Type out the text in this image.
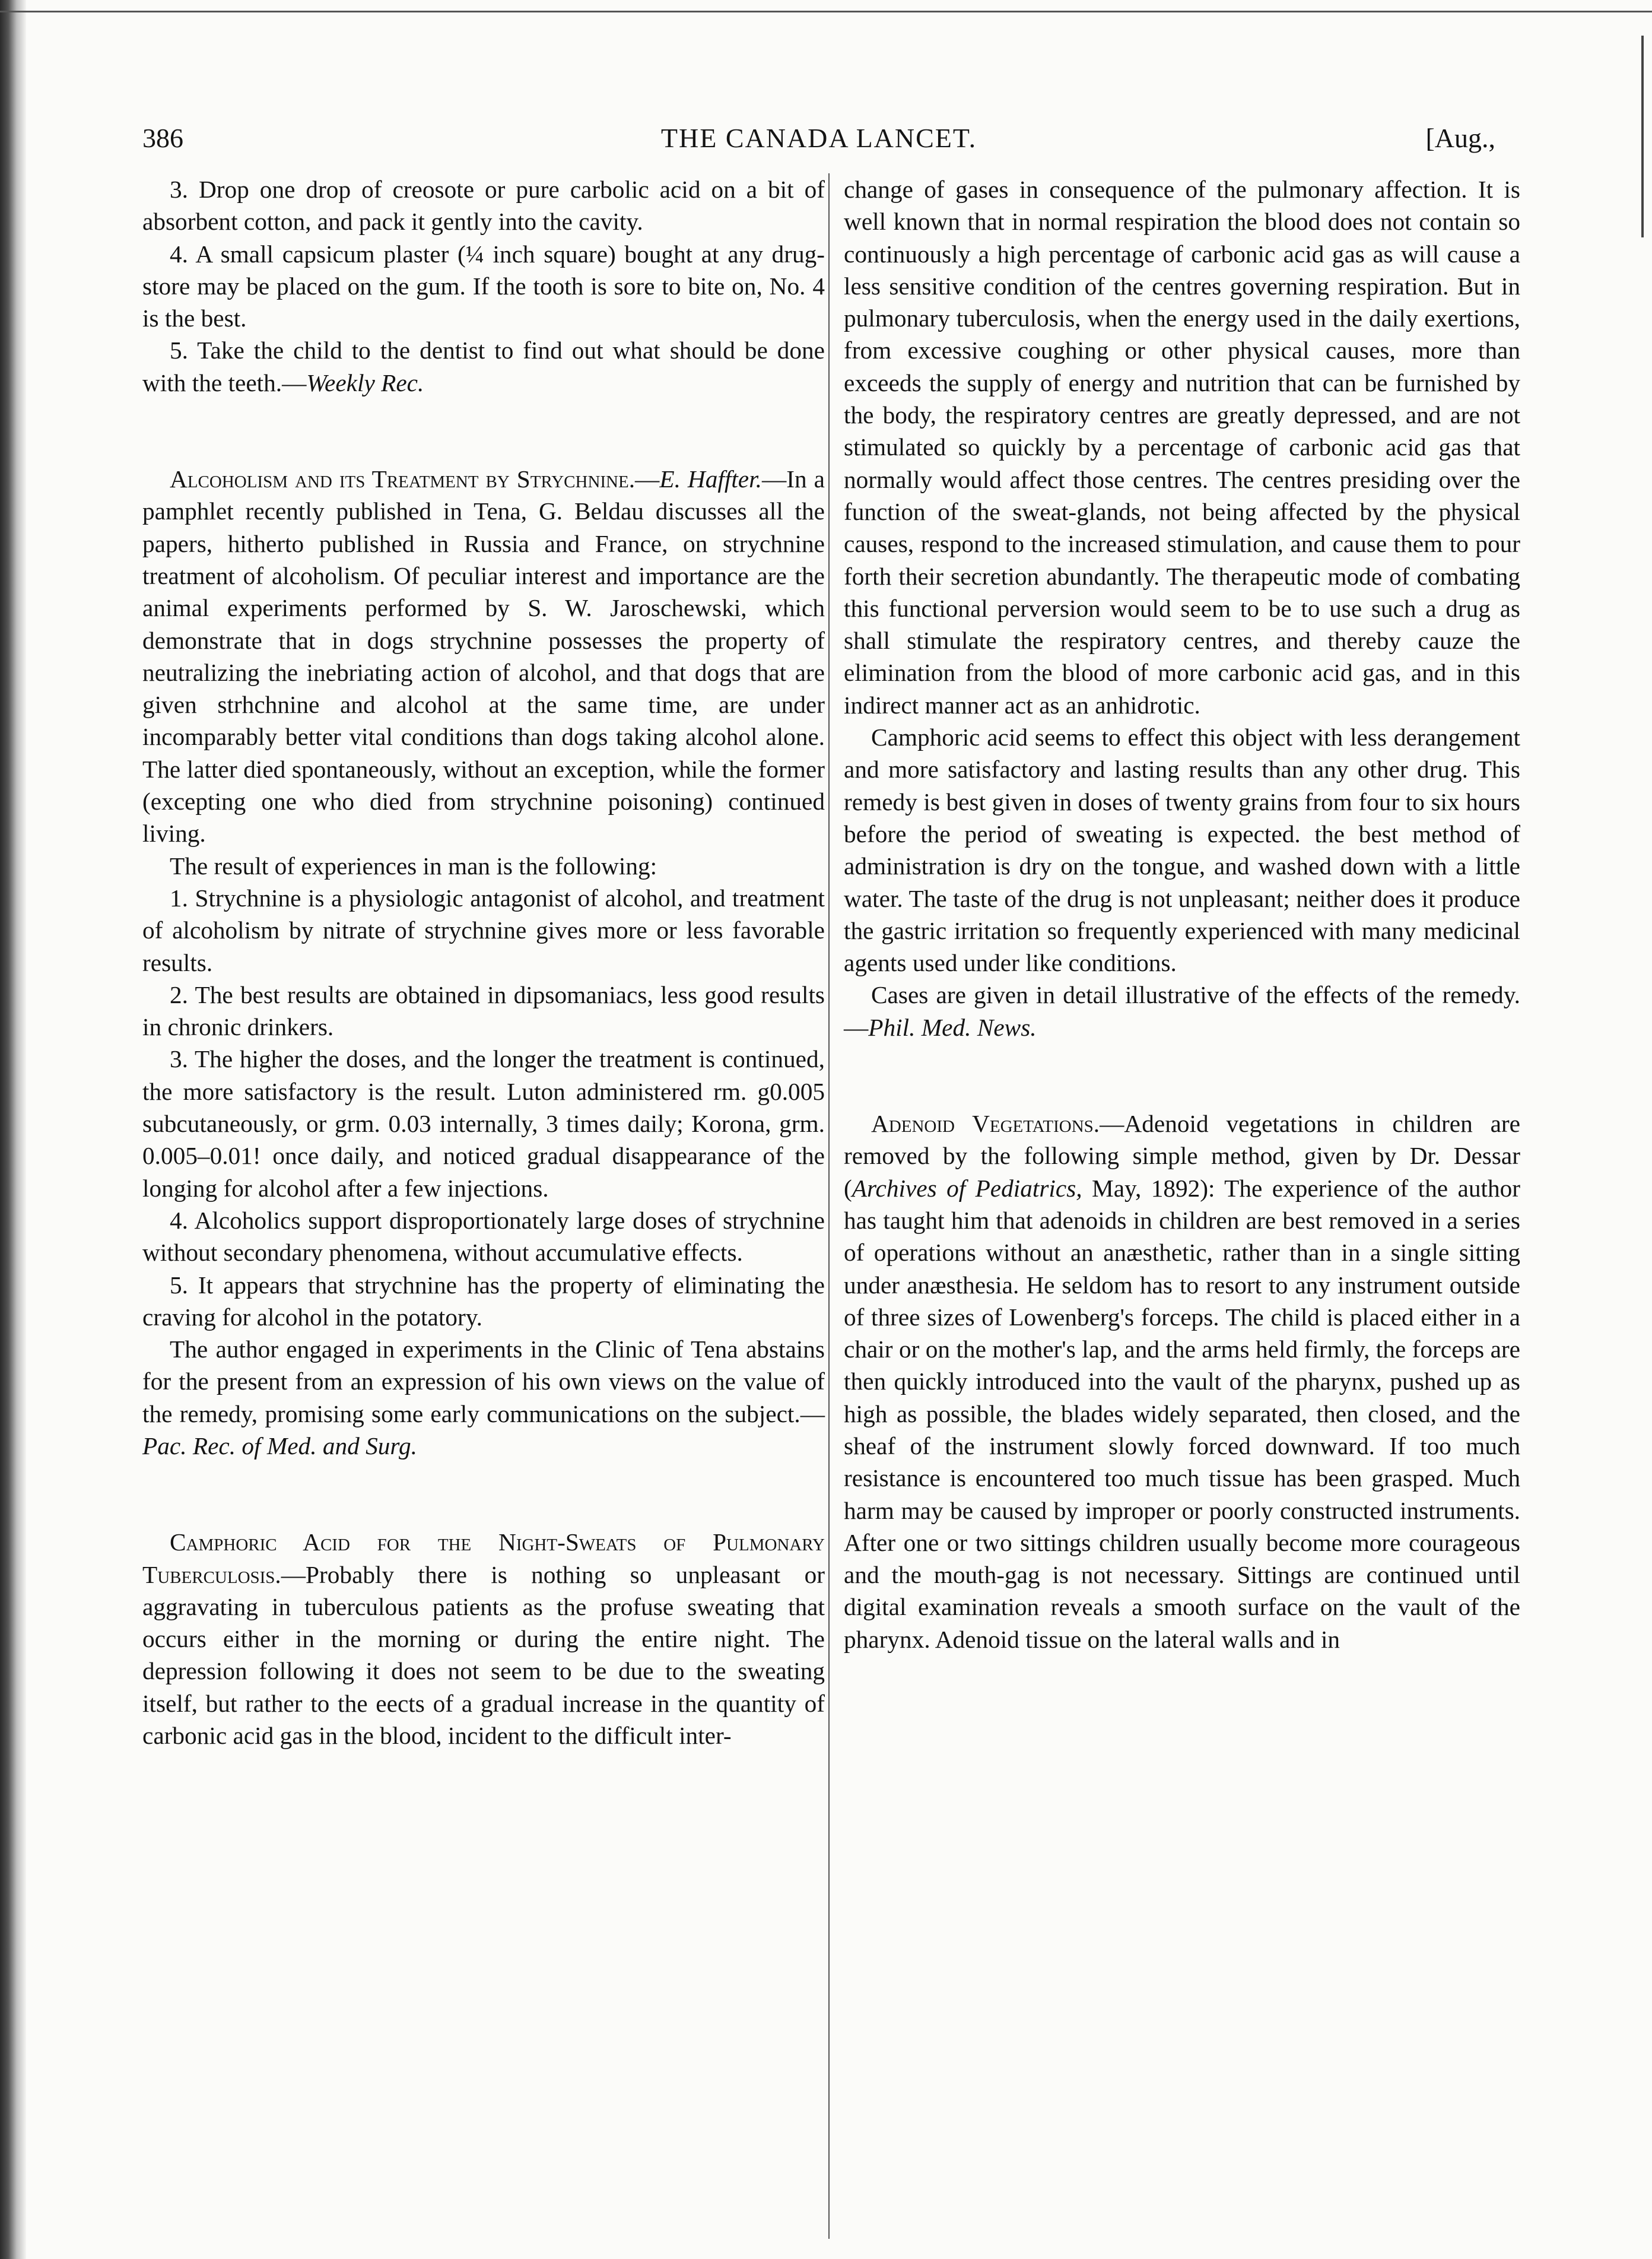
386	THE CANADA LANCET.	[Aug.,

3. Drop one drop of creosote or pure carbolic acid on a bit of absorbent cotton, and pack it gently into the cavity.

4. A small capsicum plaster (¼ inch square) bought at any drug-store may be placed on the gum. If the tooth is sore to bite on, No. 4 is the best.

5. Take the child to the dentist to find out what should be done with the teeth.—Weekly Rec.

Alcoholism and its Treatment by Strychnine.—E. Haffter.—In a pamphlet recently published in Tena, G. Beldau discusses all the papers, hitherto published in Russia and France, on strychnine treatment of alcoholism. Of peculiar interest and importance are the animal experiments performed by S. W. Jaroschewski, which demonstrate that in dogs strychnine possesses the property of neutralizing the inebriating action of alcohol, and that dogs that are given strhchnine and alcohol at the same time, are under incomparably better vital conditions than dogs taking alcohol alone. The latter died spontaneously, without an exception, while the former (excepting one who died from strychnine poisoning) continued living.

The result of experiences in man is the following:

1. Strychnine is a physiologic antagonist of alcohol, and treatment of alcoholism by nitrate of strychnine gives more or less favorable results.

2. The best results are obtained in dipsomaniacs, less good results in chronic drinkers.

3. The higher the doses, and the longer the treatment is continued, the more satisfactory is the result. Luton administered rm. g0.005 subcutaneously, or grm. 0.03 internally, 3 times daily; Korona, grm. 0.005–0.01! once daily, and noticed gradual disappearance of the longing for alcohol after a few injections.

4. Alcoholics support disproportionately large doses of strychnine without secondary phenomena, without accumulative effects.

5. It appears that strychnine has the property of eliminating the craving for alcohol in the potatory.

The author engaged in experiments in the Clinic of Tena abstains for the present from an expression of his own views on the value of the remedy, promising some early communications on the subject.—Pac. Rec. of Med. and Surg.

Camphoric Acid for the Night-Sweats of Pulmonary Tuberculosis.—Probably there is nothing so unpleasant or aggravating in tuberculous patients as the profuse sweating that occurs either in the morning or during the entire night. The depression following it does not seem to be due to the sweating itself, but rather to the eects of a gradual increase in the quantity of carbonic acid gas in the blood, incident to the difficult inter-

change of gases in consequence of the pulmonary affection. It is well known that in normal respiration the blood does not contain so continuously a high percentage of carbonic acid gas as will cause a less sensitive condition of the centres governing respiration. But in pulmonary tuberculosis, when the energy used in the daily exertions, from excessive coughing or other physical causes, more than exceeds the supply of energy and nutrition that can be furnished by the body, the respiratory centres are greatly depressed, and are not stimulated so quickly by a percentage of carbonic acid gas that normally would affect those centres. The centres presiding over the function of the sweat-glands, not being affected by the physical causes, respond to the increased stimulation, and cause them to pour forth their secretion abundantly. The therapeutic mode of combating this functional perversion would seem to be to use such a drug as shall stimulate the respiratory centres, and thereby cauze the elimination from the blood of more carbonic acid gas, and in this indirect manner act as an anhidrotic.

Camphoric acid seems to effect this object with less derangement and more satisfactory and lasting results than any other drug. This remedy is best given in doses of twenty grains from four to six hours before the period of sweating is expected. the best method of administration is dry on the tongue, and washed down with a little water. The taste of the drug is not unpleasant; neither does it produce the gastric irritation so frequently experienced with many medicinal agents used under like conditions.

Cases are given in detail illustrative of the effects of the remedy.—Phil. Med. News.

Adenoid Vegetations.—Adenoid vegetations in children are removed by the following simple method, given by Dr. Dessar (Archives of Pediatrics, May, 1892): The experience of the author has taught him that adenoids in children are best removed in a series of operations without an anæsthetic, rather than in a single sitting under anæsthesia. He seldom has to resort to any instrument outside of three sizes of Lowenberg's forceps. The child is placed either in a chair or on the mother's lap, and the arms held firmly, the forceps are then quickly introduced into the vault of the pharynx, pushed up as high as possible, the blades widely separated, then closed, and the sheaf of the instrument slowly forced downward. If too much resistance is encountered too much tissue has been grasped. Much harm may be caused by improper or poorly constructed instruments. After one or two sittings children usually become more courageous and the mouth-gag is not necessary. Sittings are continued until digital examination reveals a smooth surface on the vault of the pharynx. Adenoid tissue on the lateral walls and in
